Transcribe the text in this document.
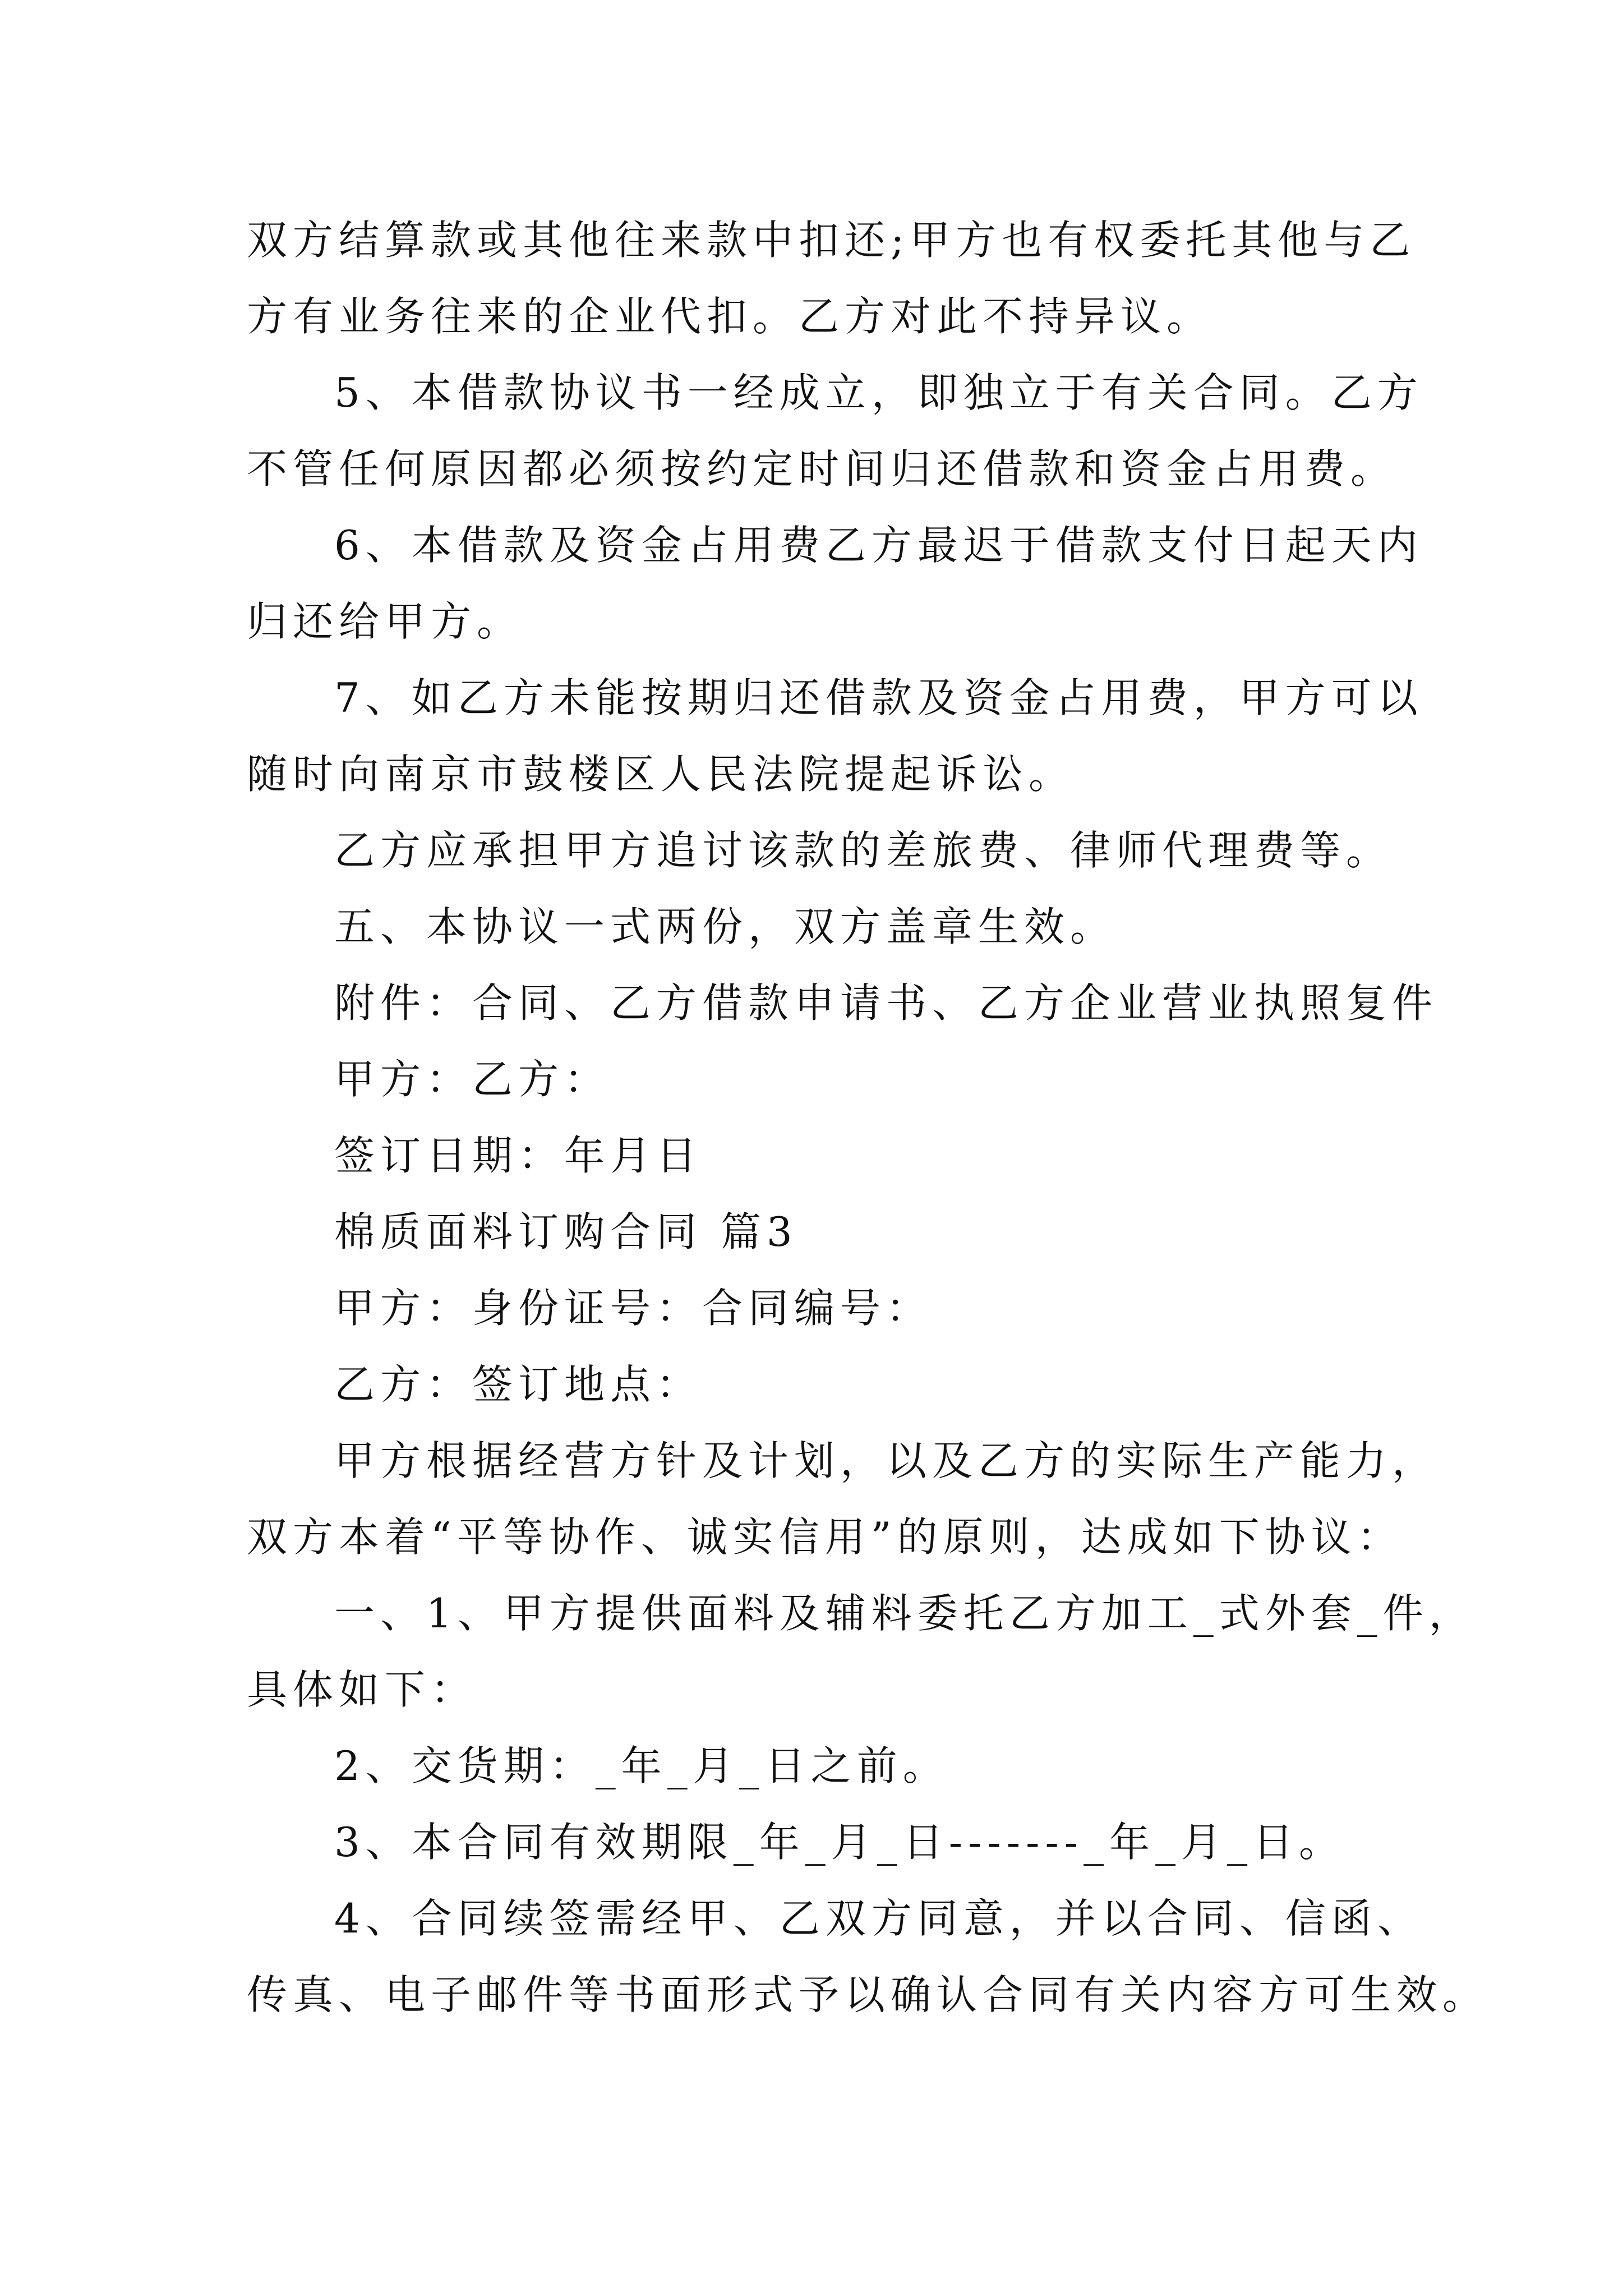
双方结算款或其他往来款中扣还;甲方也有权委托其他与乙
方有业务往来的企业代扣。乙方对此不持异议。
5、本借款协议书一经成立，即独立于有关合同。乙方
不管任何原因都必须按约定时间归还借款和资金占用费。
6、本借款及资金占用费乙方最迟于借款支付日起天内
归还给甲方。
7、如乙方未能按期归还借款及资金占用费，甲方可以
随时向南京市鼓楼区人民法院提起诉讼。
乙方应承担甲方追讨该款的差旅费、律师代理费等。
五、本协议一式两份，双方盖章生效。
附件：合同、乙方借款申请书、乙方企业营业执照复件
甲方：乙方：
签订日期：年月日
棉质面料订购合同 篇3
甲方：身份证号：合同编号：
乙方：签订地点：
甲方根据经营方针及计划，以及乙方的实际生产能力，
双方本着“平等协作、诚实信用”的原则，达成如下协议：
一、1、甲方提供面料及辅料委托乙方加工_式外套_件，
具体如下：
2、交货期：_年_月_日之前。
3、本合同有效期限_年_月_日-------_年_月_日。
4、合同续签需经甲、乙双方同意，并以合同、信函、
传真、电子邮件等书面形式予以确认合同有关内容方可生效。
